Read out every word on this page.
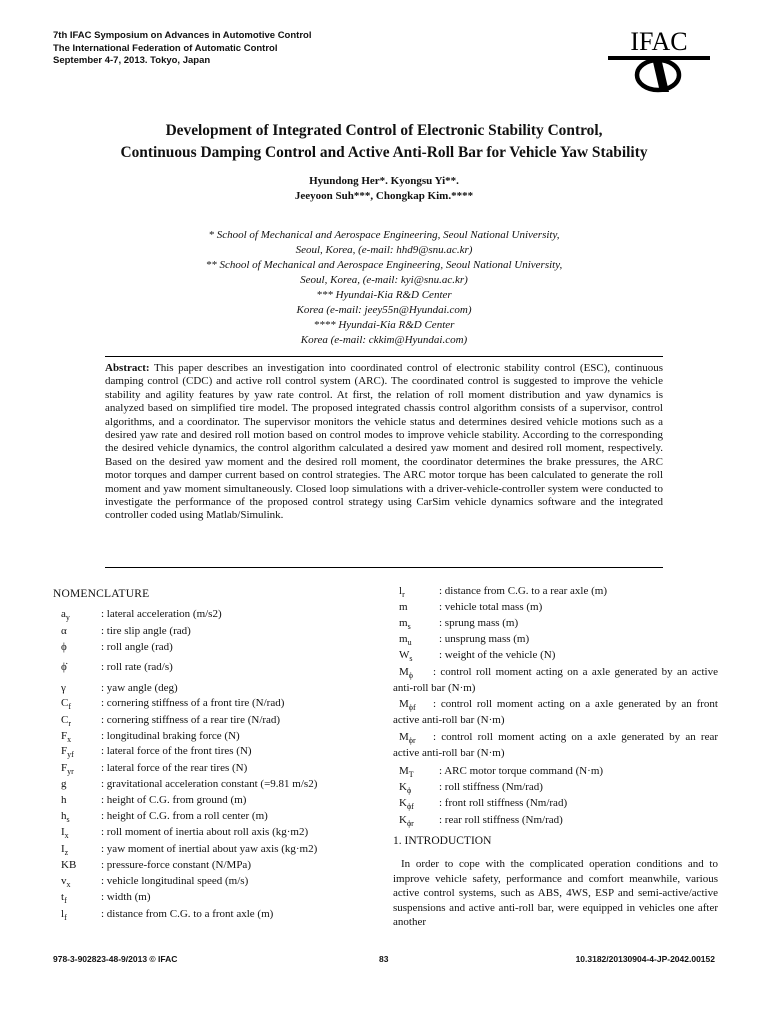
7th IFAC Symposium on Advances in Automotive Control
The International Federation of Automatic Control
September 4-7, 2013. Tokyo, Japan
IFAC
Development of Integrated Control of Electronic Stability Control,
Continuous Damping Control and Active Anti-Roll Bar for Vehicle Yaw Stability
Hyundong Her*. Kyongsu Yi**.
Jeeyoon Suh***, Chongkap Kim.****
* School of Mechanical and Aerospace Engineering, Seoul National University,
Seoul, Korea, (e-mail: hhd9@snu.ac.kr)
** School of Mechanical and Aerospace Engineering, Seoul National University,
Seoul, Korea, (e-mail: kyi@snu.ac.kr)
*** Hyundai-Kia R&D Center
Korea (e-mail: jeey55n@Hyundai.com)
**** Hyundai-Kia R&D Center
Korea (e-mail: ckkim@Hyundai.com)
Abstract: This paper describes an investigation into coordinated control of electronic stability control (ESC), continuous damping control (CDC) and active roll control system (ARC). The coordinated control is suggested to improve the vehicle stability and agility features by yaw rate control. At first, the relation of roll moment distribution and yaw dynamics is analyzed based on simplified tire model. The proposed integrated chassis control algorithm consists of a supervisor, control algorithms, and a coordinator. The supervisor monitors the vehicle status and determines desired vehicle motions such as a desired yaw rate and desired roll motion based on control modes to improve vehicle stability. According to the corresponding the desired vehicle dynamics, the control algorithm calculated a desired yaw moment and desired roll moment, respectively. Based on the desired yaw moment and the desired roll moment, the coordinator determines the brake pressures, the ARC motor torques and damper current based on control strategies. The ARC motor torque has been calculated to generate the roll moment and yaw moment simultaneously. Closed loop simulations with a driver-vehicle-controller system were conducted to investigate the performance of the proposed control strategy using CarSim vehicle dynamics software and the integrated controller coded using Matlab/Simulink.
NOMENCLATURE
$a_y$	: lateral acceleration (m/s2)
α	: tire slip angle (rad)
ϕ	: roll angle (rad)
ϕ̇	: roll rate (rad/s)
γ	: yaw angle (deg)
$C_f$	: cornering stiffness of a front tire (N/rad)
$C_r$	: cornering stiffness of a rear tire (N/rad)
$F_x$	: longitudinal braking force (N)
$F_{yf}$	: lateral force of the front tires (N)
$F_{yr}$	: lateral force of the rear tires (N)
g	: gravitational acceleration constant (=9.81 m/s2)
h	: height of C.G. from ground (m)
$h_s$	: height of C.G. from a roll center (m)
$I_x$	: roll moment of inertia about roll axis (kg·m2)
$I_z$	: yaw moment of inertial about yaw axis (kg·m2)
KB	: pressure-force constant (N/MPa)
$v_x$	: vehicle longitudinal speed (m/s)
$t_f$	: width (m)
$l_f$	: distance from C.G. to a front axle (m)
$l_r$	: distance from C.G. to a rear axle (m)
m	: vehicle total mass (m)
$m_s$	: sprung mass (m)
$m_u$	: unsprung mass (m)
$W_s$	: weight of the vehicle (N)
$M_\phi$ : control roll moment acting on a axle generated by an active anti-roll bar (N·m)
$M_{\phi f}$ : control roll moment acting on a axle generated by an front active anti-roll bar (N·m)
$M_{\phi r}$ : control roll moment acting on a axle generated by an rear active anti-roll bar (N·m)
$M_T$	: ARC motor torque command (N·m)
$K_\phi$	: roll stiffness (Nm/rad)
$K_{\phi f}$	: front roll stiffness (Nm/rad)
$K_{\phi r}$	: rear roll stiffness (Nm/rad)
1. INTRODUCTION
In order to cope with the complicated operation conditions and to improve vehicle safety, performance and comfort meanwhile, various active control systems, such as ABS, 4WS, ESP and semi-active/active suspensions and active anti-roll bar, were equipped in vehicles one after another
978-3-902823-48-9/2013 © IFAC	83	10.3182/20130904-4-JP-2042.00152
